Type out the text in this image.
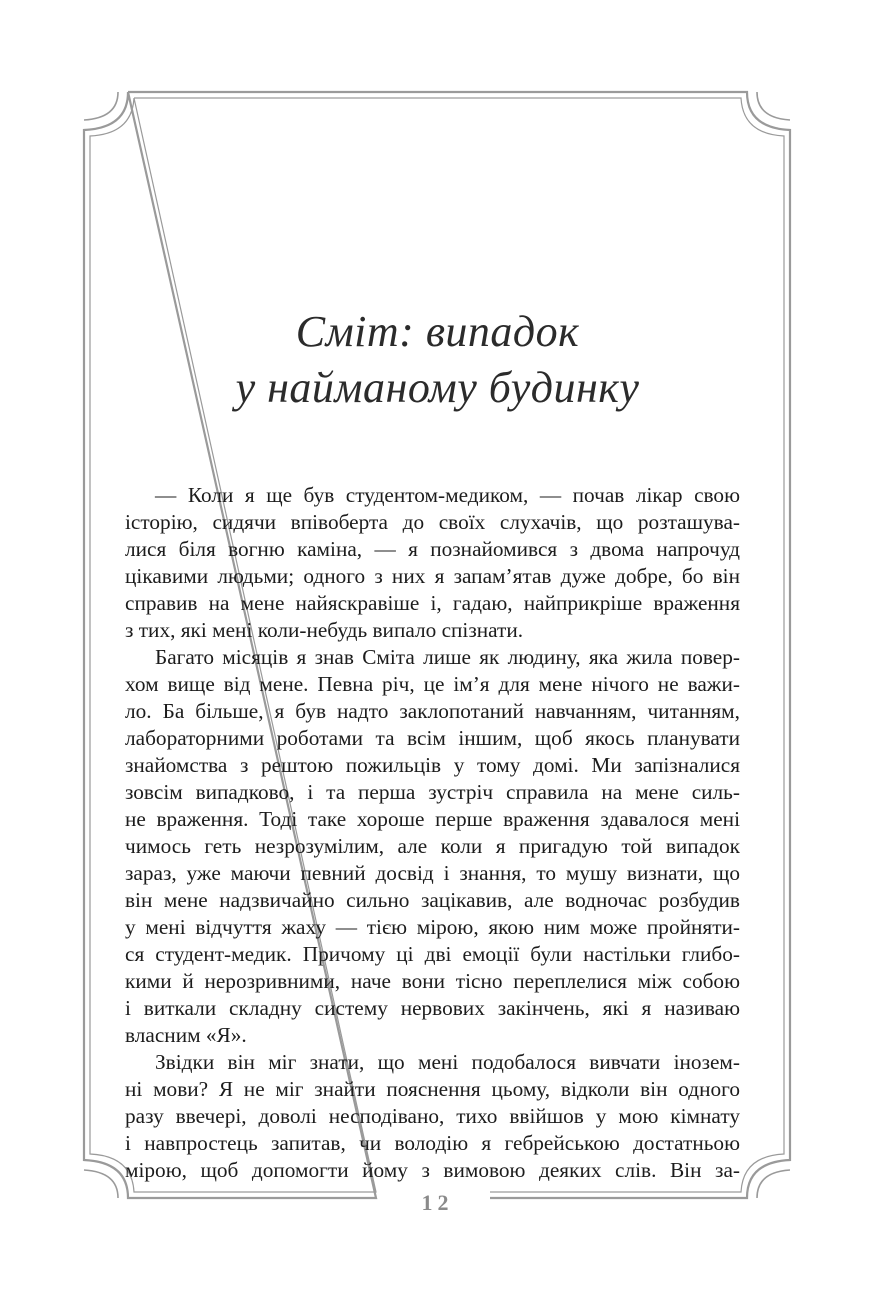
Сміт: випадок
у найманому будинку
— Коли я ще був студентом-медиком, — почав лікар свою
історію, сидячи впівоберта до своїх слухачів, що розташува-
лися біля вогню каміна, — я познайомився з двома напрочуд
цікавими людьми; одного з них я запам’ятав дуже добре, бо він
справив на мене найяскравіше і, гадаю, найприкріше враження
з тих, які мені коли-небудь випало спізнати.
Багато місяців я знав Сміта лише як людину, яка жила повер-
хом вище від мене. Певна річ, це ім’я для мене нічого не важи-
ло. Ба більше, я був надто заклопотаний навчанням, читанням,
лабораторними роботами та всім іншим, щоб якось планувати
знайомства з рештою пожильців у тому домі. Ми запізналися
зовсім випадково, і та перша зустріч справила на мене силь-
не враження. Тоді таке хороше перше враження здавалося мені
чимось геть незрозумілим, але коли я пригадую той випадок
зараз, уже маючи певний досвід і знання, то мушу визнати, що
він мене надзвичайно сильно зацікавив, але водночас розбудив
у мені відчуття жаху — тією мірою, якою ним може пройняти-
ся студент-медик. Причому ці дві емоції були настільки глибо-
кими й нерозривними, наче вони тісно переплелися між собою
і виткали складну систему нервових закінчень, які я називаю
власним «Я».
Звідки він міг знати, що мені подобалося вивчати інозем-
ні мови? Я не міг знайти пояснення цьому, відколи він одного
разу ввечері, доволі несподівано, тихо ввійшов у мою кімнату
і навпростець запитав, чи володію я гебрейською достатньою
мірою, щоб допомогти йому з вимовою деяких слів. Він за-
12
